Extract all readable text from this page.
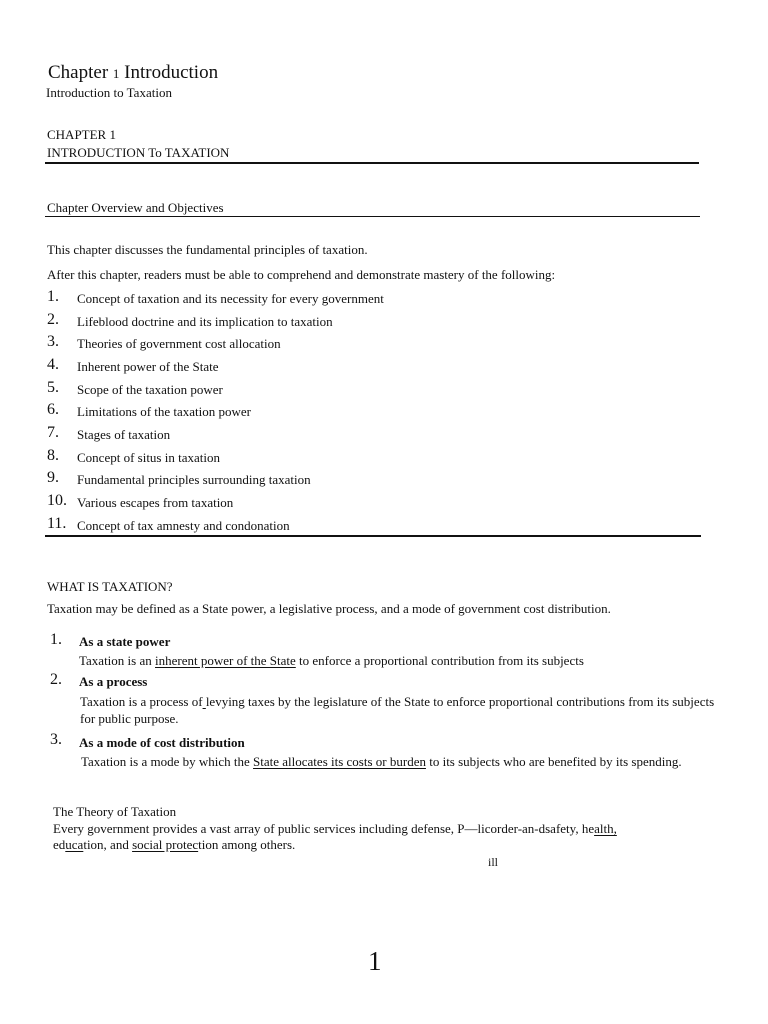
Chapter 1 Introduction
Introduction to Taxation
CHAPTER 1
INTRODUCTION To TAXATION
Chapter Overview and Objectives
This chapter discusses the fundamental principles of taxation.
After this chapter, readers must be able to comprehend and demonstrate mastery of the following:
1. Concept of taxation and its necessity for every government
2. Lifeblood doctrine and its implication to taxation
3. Theories of government cost allocation
4. Inherent power of the State
5. Scope of the taxation power
6. Limitations of the taxation power
7. Stages of taxation
8. Concept of situs in taxation
9. Fundamental principles surrounding taxation
10. Various escapes from taxation
11. Concept of tax amnesty and condonation
WHAT IS TAXATION?
Taxation may be defined as a State power, a legislative process, and a mode of government cost distribution.
1. As a state power
Taxation is an inherent power of the State to enforce a proportional contribution from its subjects
2. As a process
Taxation is a process of levying taxes by the legislature of the State to enforce proportional contributions from its subjects for public purpose.
3. As a mode of cost distribution
Taxation is a mode by which the State allocates its costs or burden to its subjects who are benefited by its spending.
The Theory of Taxation
Every government provides a vast array of public services including defense, P—licorder-an-dsafety, health,
education, and social protection among others.
ill
1
